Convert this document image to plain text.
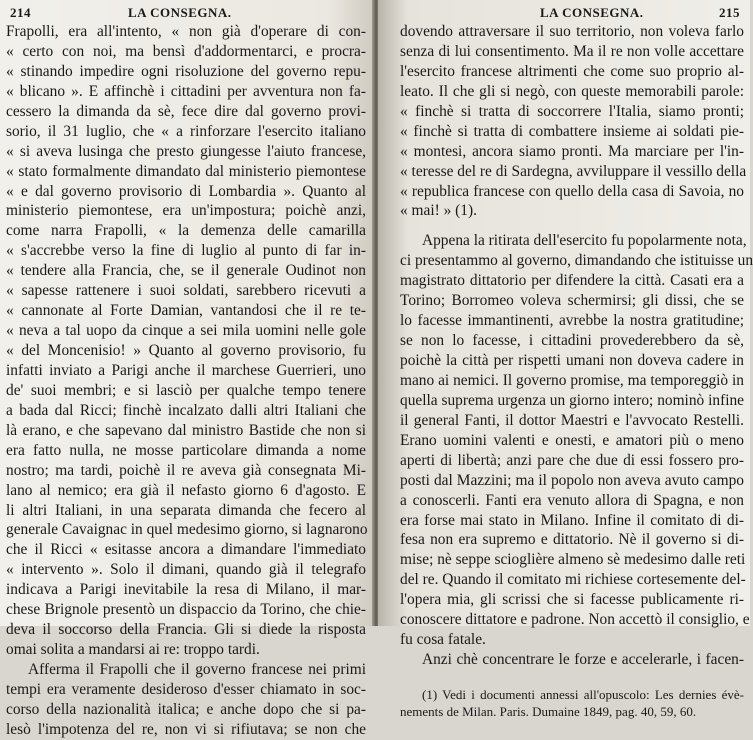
214	LA CONSEGNA.
Frapolli, era all'intento, « non già d'operare di con-
« certo con noi, ma bensì d'addormentarci, e procra-
« stinando impedire ogni risoluzione del governo repu-
« blicano ». E affinchè i cittadini per avventura non fa-
cessero la dimanda da sè, fece dire dal governo provi-
sorio, il 31 luglio, che « a rinforzare l'esercito italiano
« si aveva lusinga che presto giungesse l'aiuto francese,
« stato formalmente dimandato dal ministerio piemontese
« e dal governo provisorio di Lombardia ». Quanto al
ministerio piemontese, era un'impostura; poichè anzi,
come narra Frapolli, « la demenza delle camarilla
« s'accrebbe verso la fine di luglio al punto di far in-
« tendere alla Francia, che, se il generale Oudinot non
« sapesse rattenere i suoi soldati, sarebbero ricevuti a
« cannonate al Forte Damian, vantandosi che il re te-
« neva a tal uopo da cinque a sei mila uomini nelle gole
« del Moncenisio! » Quanto al governo provisorio, fu
infatti inviato a Parigi anche il marchese Guerrieri, uno
de' suoi membri; e si lasciò per qualche tempo tenere
a bada dal Ricci; finchè incalzato dalli altri Italiani che
là erano, e che sapevano dal ministro Bastide che non si
era fatto nulla, ne mosse particolare dimanda a nome
nostro; ma tardi, poichè il re aveva già consegnata Mi-
lano al nemico; era già il nefasto giorno 6 d'agosto. E
li altri Italiani, in una separata dimanda che fecero al
generale Cavaignac in quel medesimo giorno, si lagnarono
che il Ricci « esitasse ancora a dimandare l'immediato
« intervento ». Solo il dimani, quando già il telegrafo
indicava a Parigi inevitabile la resa di Milano, il mar-
chese Brignole presentò un dispaccio da Torino, che chie-
deva il soccorso della Francia. Gli si diede la risposta
omai solita a mandarsi ai re: troppo tardi.
Afferma il Frapolli che il governo francese nei primi
tempi era veramente desideroso d'esser chiamato in soc-
corso della nazionalità italica; e anche dopo che si pa-
lesò l'impotenza del re, non vi si rifiutava; se non che
LA CONSEGNA.	215
dovendo attraversare il suo territorio, non voleva farlo
senza di lui consentimento. Ma il re non volle accettare
l'esercito francese altrimenti che come suo proprio al-
leato. Il che gli si negò, con queste memorabili parole:
« finchè si tratta di soccorrere l'Italia, siamo pronti;
« finchè si tratta di combattere insieme ai soldati pie-
« montesi, ancora siamo pronti. Ma marciare per l'in-
« teresse del re di Sardegna, avviluppare il vessillo della
« republica francese con quello della casa di Savoia, no
« mai! » (1).
Appena la ritirata dell'esercito fu popolarmente nota,
ci presentammo al governo, dimandando che istituisse un
magistrato dittatorio per difendere la città. Casati era a
Torino; Borromeo voleva schermirsi; gli dissi, che se
lo facesse immantinenti, avrebbe la nostra gratitudine;
se non lo facesse, i cittadini provederebbero da sè,
poichè la città per rispetti umani non doveva cadere in
mano ai nemici. Il governo promise, ma temporeggiò in
quella suprema urgenza un giorno intero; nominò infine
il general Fanti, il dottor Maestri e l'avvocato Restelli.
Erano uomini valenti e onesti, e amatori più o meno
aperti di libertà; anzi pare che due di essi fossero pro-
posti dal Mazzini; ma il popolo non aveva avuto campo
a conoscerli. Fanti era venuto allora di Spagna, e non
era forse mai stato in Milano. Infine il comitato di di-
fesa non era supremo e dittatorio. Nè il governo si di-
mise; nè seppe scioglière almeno sè medesimo dalle reti
del re. Quando il comitato mi richiese cortesemente del-
l'opera mia, gli scrissi che si facesse publicamente ri-
conoscere dittatore e padrone. Non accettò il consiglio, e
fu cosa fatale.
Anzi chè concentrare le forze e accelerarle, i facen-
(1) Vedi i documenti annessi all'opuscolo: Les dernies évè-
nements de Milan. Paris. Dumaine 1849, pag. 40, 59, 60.
